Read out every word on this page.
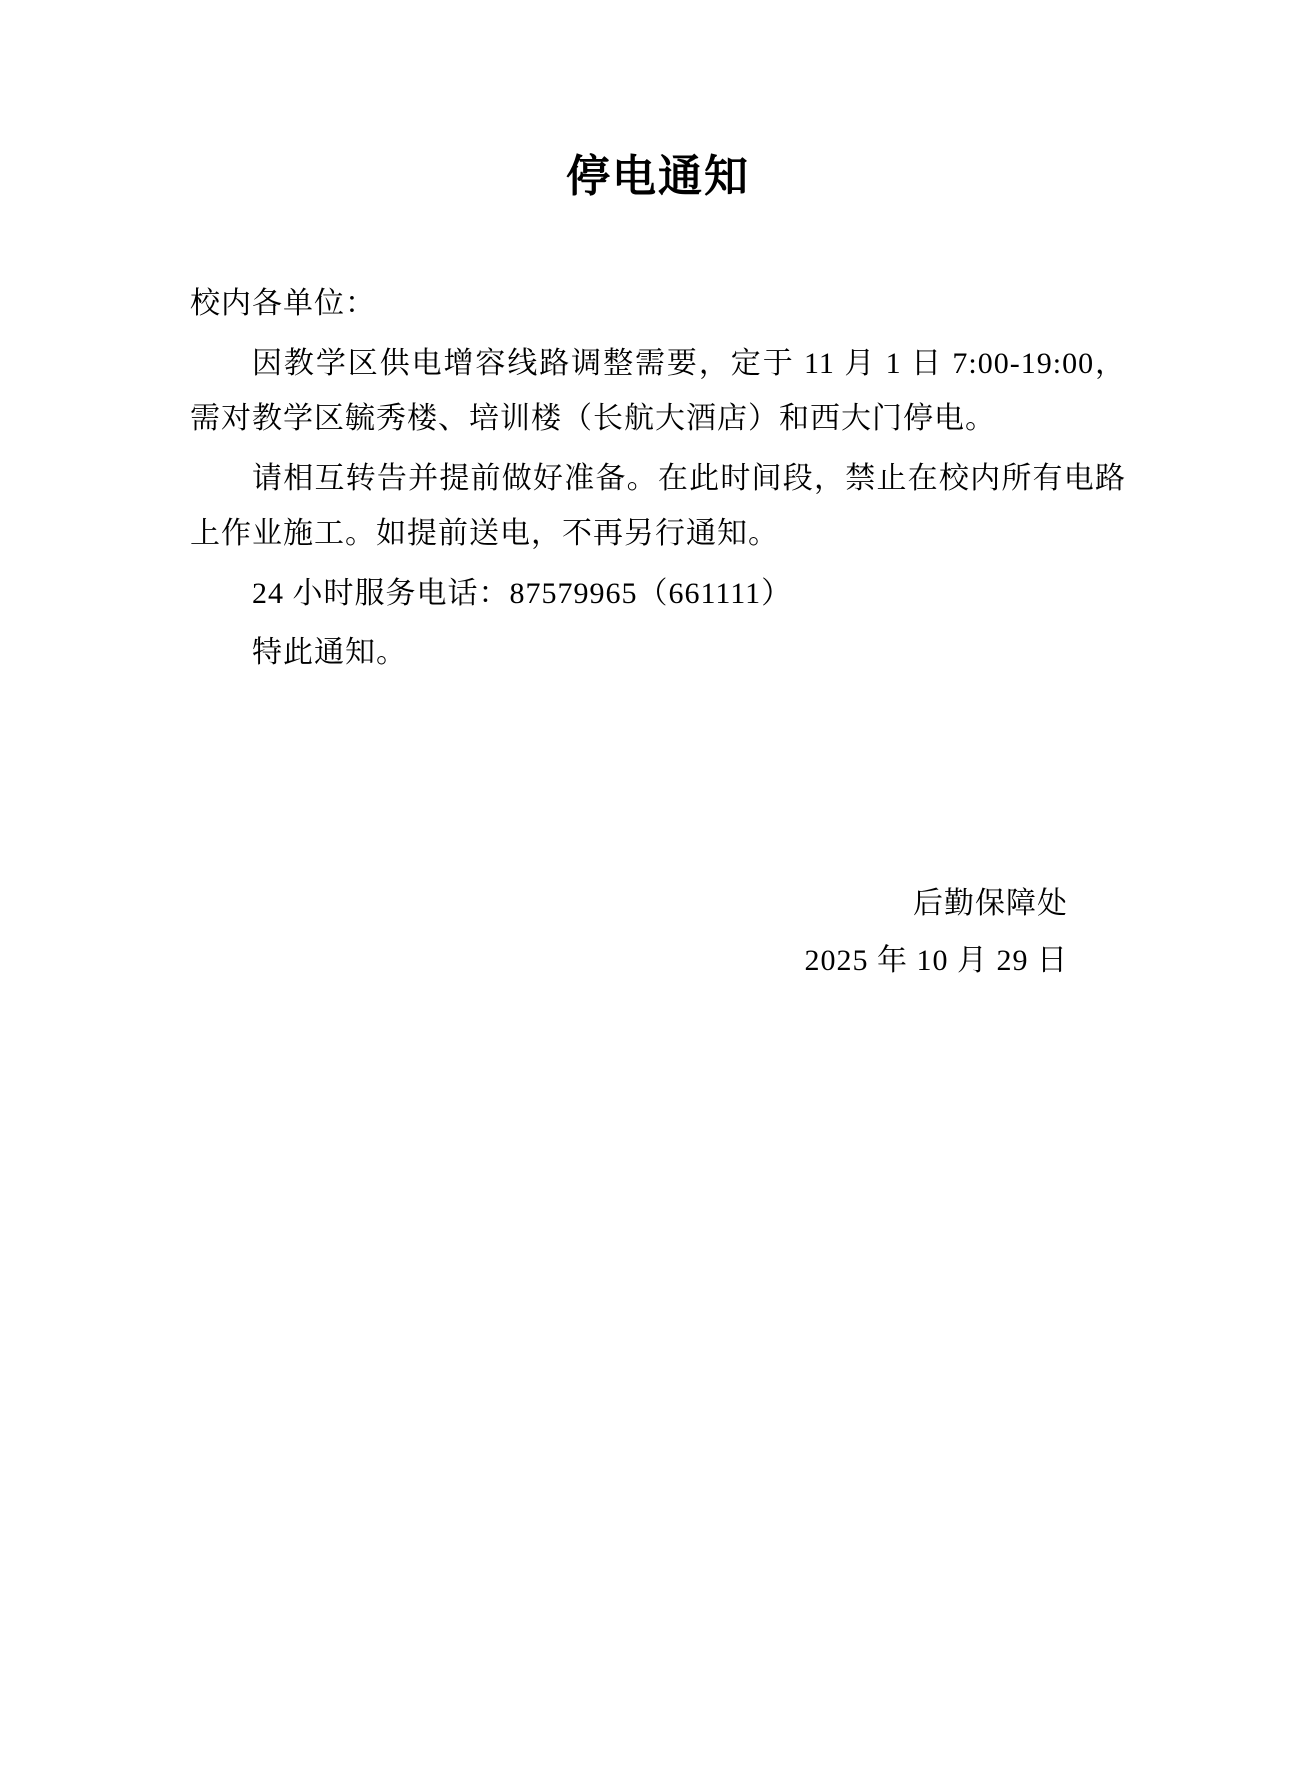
停电通知

校内各单位：

因教学区供电增容线路调整需要，定于 11 月 1 日 7:00-19:00，需对教学区毓秀楼、培训楼（长航大酒店）和西大门停电。

请相互转告并提前做好准备。在此时间段，禁止在校内所有电路上作业施工。如提前送电，不再另行通知。

24 小时服务电话：87579965（661111）

特此通知。

后勤保障处
2025 年 10 月 29 日
